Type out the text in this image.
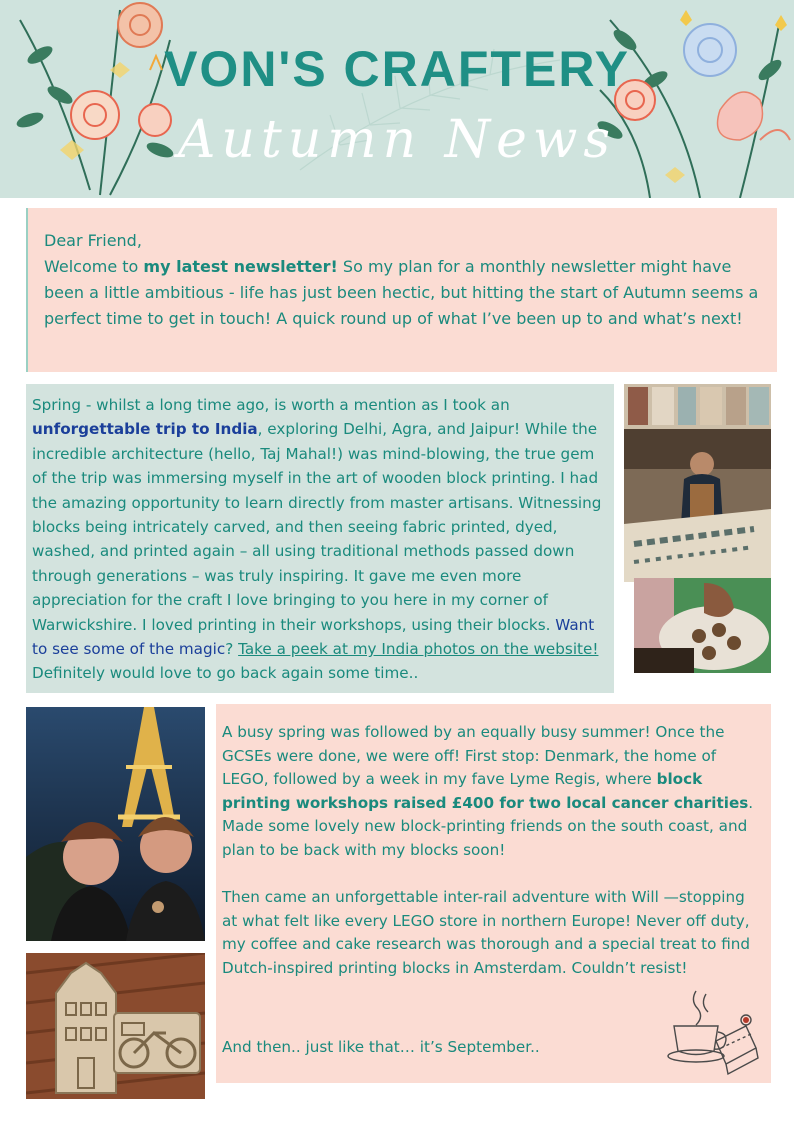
VON'S CRAFTERY
Autumn News
Dear Friend,
Welcome to my latest newsletter! So my plan for a monthly newsletter might have been a little ambitious - life has just been hectic, but hitting the start of Autumn seems a perfect time to get in touch! A quick round up of what I’ve been up to and what’s next!
Spring - whilst a long time ago, is worth a mention as I took an unforgettable trip to India, exploring Delhi, Agra, and Jaipur! While the incredible architecture (hello, Taj Mahal!) was mind-blowing, the true gem of the trip was immersing myself in the art of wooden block printing. I had the amazing opportunity to learn directly from master artisans. Witnessing blocks being intricately carved, and then seeing fabric printed, dyed, washed, and printed again – all using traditional methods passed down through generations – was truly inspiring. It gave me even more appreciation for the craft I love bringing to you here in my corner of Warwickshire. I loved printing in their workshops, using their blocks. Want to see some of the magic? Take a peek at my India photos on the website! Definitely would love to go back again some time..
A busy spring was followed by an equally busy summer! Once the GCSEs were done, we were off! First stop: Denmark, the home of LEGO, followed by a week in my fave Lyme Regis, where block printing workshops raised £400 for two local cancer charities. Made some lovely new block-printing friends on the south coast, and plan to be back with my blocks soon!
Then came an unforgettable inter-rail adventure with Will —stopping at what felt like every LEGO store in northern Europe! Never off duty, my coffee and cake research was thorough and a special treat to find Dutch-inspired printing blocks in Amsterdam. Couldn’t resist!
And then.. just like that… it’s September..
